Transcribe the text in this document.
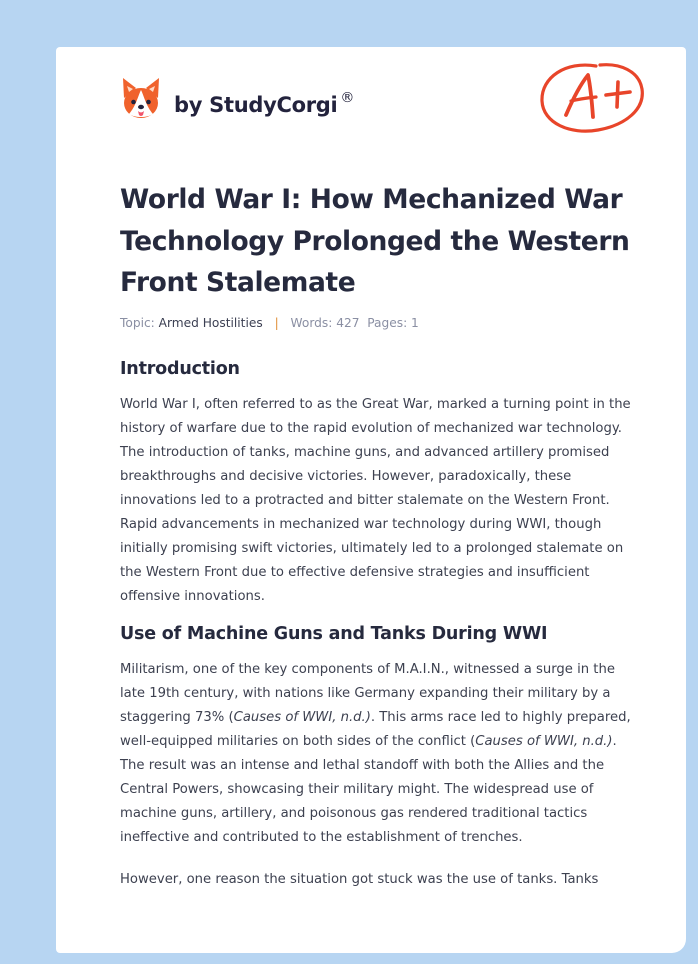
by StudyCorgi ®
World War I: How Mechanized War Technology Prolonged the Western Front Stalemate
Topic: Armed Hostilities | Words: 427 Pages: 1
Introduction

World War I, often referred to as the Great War, marked a turning point in the history of warfare due to the rapid evolution of mechanized war technology. The introduction of tanks, machine guns, and advanced artillery promised breakthroughs and decisive victories. However, paradoxically, these innovations led to a protracted and bitter stalemate on the Western Front. Rapid advancements in mechanized war technology during WWI, though initially promising swift victories, ultimately led to a prolonged stalemate on the Western Front due to effective defensive strategies and insufficient offensive innovations.

Use of Machine Guns and Tanks During WWI

Militarism, one of the key components of M.A.I.N., witnessed a surge in the late 19th century, with nations like Germany expanding their military by a staggering 73% (Causes of WWI, n.d.). This arms race led to highly prepared, well-equipped militaries on both sides of the conflict (Causes of WWI, n.d.). The result was an intense and lethal standoff with both the Allies and the Central Powers, showcasing their military might. The widespread use of machine guns, artillery, and poisonous gas rendered traditional tactics ineffective and contributed to the establishment of trenches.

However, one reason the situation got stuck was the use of tanks. Tanks
